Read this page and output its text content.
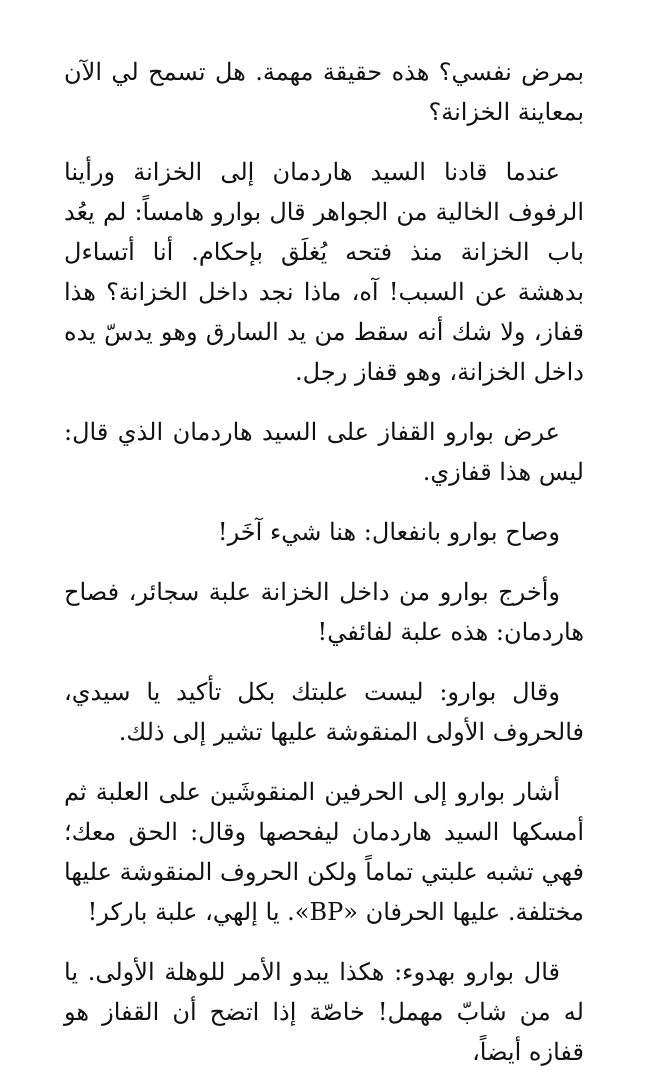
بمرض نفسي؟ هذه حقيقة مهمة. هل تسمح لي الآن بمعاينة الخزانة؟

عندما قادنا السيد هاردمان إلى الخزانة ورأينا الرفوف الخالية من الجواهر قال بوارو هامساً: لم يعُد باب الخزانة منذ فتحه يُغلَق بإحكام. أنا أتساءل بدهشة عن السبب! آه، ماذا نجد داخل الخزانة؟ هذا قفاز، ولا شك أنه سقط من يد السارق وهو يدسّ يده داخل الخزانة، وهو قفاز رجل.

عرض بوارو القفاز على السيد هاردمان الذي قال: ليس هذا قفازي.

وصاح بوارو بانفعال: هنا شيء آخَر!

وأخرج بوارو من داخل الخزانة علبة سجائر، فصاح هاردمان: هذه علبة لفائفي!

وقال بوارو: ليست علبتك بكل تأكيد يا سيدي، فالحروف الأولى المنقوشة عليها تشير إلى ذلك.

أشار بوارو إلى الحرفين المنقوشَين على العلبة ثم أمسكها السيد هاردمان ليفحصها وقال: الحق معك؛ فهي تشبه علبتي تماماً ولكن الحروف المنقوشة عليها مختلفة. عليها الحرفان «BP». يا إلهي، علبة باركر!

قال بوارو بهدوء: هكذا يبدو الأمر للوهلة الأولى. يا له من شابّ مهمل! خاصّة إذا اتضح أن القفاز هو قفازه أيضاً،
